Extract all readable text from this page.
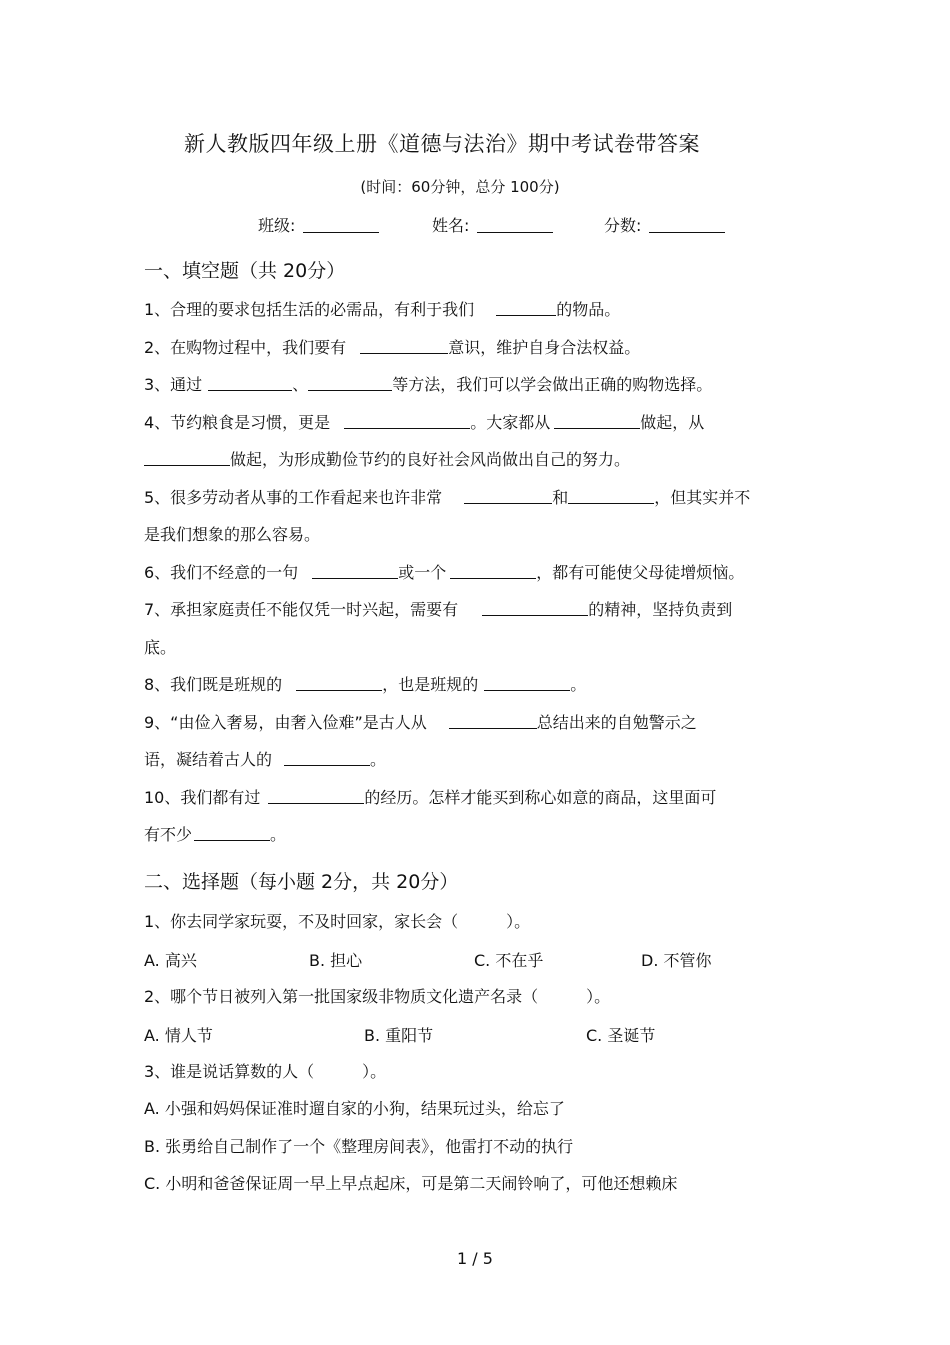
新人教版四年级上册《道德与法治》期中考试卷带答案
(时间：60分钟，总分 100分)
班级:	姓名:	分数:
一、填空题（共 20分）
1、合理的要求包括生活的必需品，有利于我们	的物品。
2、在购物过程中，我们要有	意识，维护自身合法权益。
3、通过	、	等方法，我们可以学会做出正确的购物选择。
4、节约粮食是习惯，更是	。大家都从	做起，从
做起，为形成勤俭节约的良好社会风尚做出自己的努力。
5、很多劳动者从事的工作看起来也许非常	和	，但其实并不
是我们想象的那么容易。
6、我们不经意的一句	或一个	，都有可能使父母徒增烦恼。
7、承担家庭责任不能仅凭一时兴起，需要有	的精神，坚持负责到
底。
8、我们既是班规的	，也是班规的	。
9、“由俭入奢易，由奢入俭难”是古人从	总结出来的自勉警示之
语，凝结着古人的	。
10、我们都有过	的经历。怎样才能买到称心如意的商品，这里面可
有不少	。
二、选择题（每小题 2分，共 20分）
1、你去同学家玩耍，不及时回家，家长会（　　　）。
A. 高兴	B. 担心	C. 不在乎	D. 不管你
2、哪个节日被列入第一批国家级非物质文化遗产名录（　　　）。
A. 情人节	B. 重阳节	C. 圣诞节
3、谁是说话算数的人（　　　）。
A. 小强和妈妈保证准时遛自家的小狗，结果玩过头，给忘了
B. 张勇给自己制作了一个《整理房间表》，他雷打不动的执行
C. 小明和爸爸保证周一早上早点起床，可是第二天闹铃响了，可他还想赖床
1 / 5
